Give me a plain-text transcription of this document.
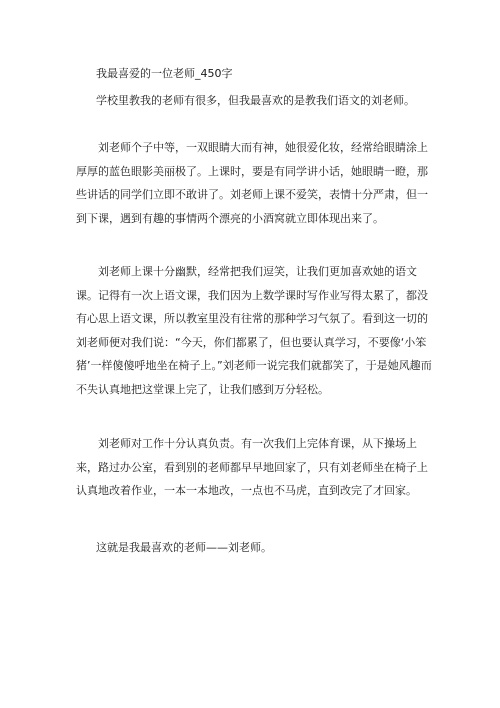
我最喜爱的一位老师_450字
学校里教我的老师有很多，但我最喜欢的是教我们语文的刘老师。

刘老师个子中等，一双眼睛大而有神，她很爱化妆，经常给眼睛涂上厚厚的蓝色眼影美丽极了。上课时，要是有同学讲小话，她眼睛一瞪，那些讲话的同学们立即不敢讲了。刘老师上课不爱笑，表情十分严肃，但一到下课，遇到有趣的事情两个漂亮的小酒窝就立即体现出来了。

刘老师上课十分幽默，经常把我们逗笑，让我们更加喜欢她的语文课。记得有一次上语文课，我们因为上数学课时写作业写得太累了，都没有心思上语文课，所以教室里没有往常的那种学习气氛了。看到这一切的刘老师便对我们说：“今天，你们都累了，但也要认真学习，不要像‘小笨猪’一样傻傻呼地坐在椅子上。”刘老师一说完我们就都笑了，于是她风趣而不失认真地把这堂课上完了，让我们感到万分轻松。

刘老师对工作十分认真负责。有一次我们上完体育课，从下操场上来，路过办公室，看到别的老师都早早地回家了，只有刘老师坐在椅子上认真地改着作业，一本一本地改，一点也不马虎，直到改完了才回家。

这就是我最喜欢的老师——刘老师。
